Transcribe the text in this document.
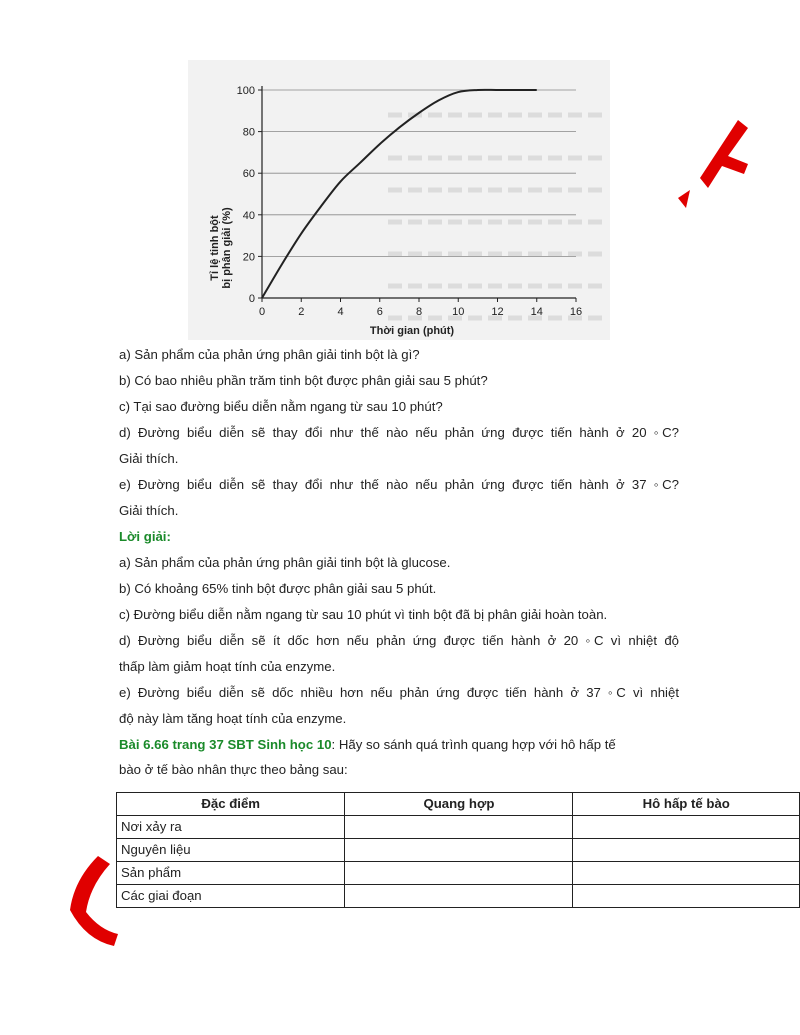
0	2	4	6	8	10 12 14 16
0
20
40
60
80
100
Thời gian (phút)
Tỉ lệ tinh bột bị phân giải (%)

a) Sản phẩm của phản ứng phân giải tinh bột là gì?

b) Có bao nhiêu phần trăm tinh bột được phân giải sau 5 phút?

c) Tại sao đường biểu diễn nằm ngang từ sau 10 phút?

d) Đường biểu diễn sẽ thay đổi như thế nào nếu phản ứng được tiến hành ở 20 ◦C?

Giải thích.

e) Đường biểu diễn sẽ thay đổi như thế nào nếu phản ứng được tiến hành ở 37 ◦C?

Giải thích.

Lời giải:

a) Sản phẩm của phản ứng phân giải tinh bột là glucose.

b) Có khoảng 65% tinh bột được phân giải sau 5 phút.

c) Đường biểu diễn nằm ngang từ sau 10 phút vì tinh bột đã bị phân giải hoàn toàn.

d) Đường biểu diễn sẽ ít dốc hơn nếu phản ứng được tiến hành ở 20 ◦C vì nhiệt độ

thấp làm giảm hoạt tính của enzyme.

e) Đường biểu diễn sẽ dốc nhiều hơn nếu phản ứng được tiến hành ở 37 ◦C vì nhiệt

độ này làm tăng hoạt tính của enzyme.

Bài 6.66 trang 37 SBT Sinh học 10: Hãy so sánh quá trình quang hợp với hô hấp tế

bào ở tế bào nhân thực theo bảng sau:

Đặc điểm	Quang hợp	Hô hấp tế bào
Nơi xảy ra		
Nguyên liệu		
Sản phẩm		
Các giai đoạn		
